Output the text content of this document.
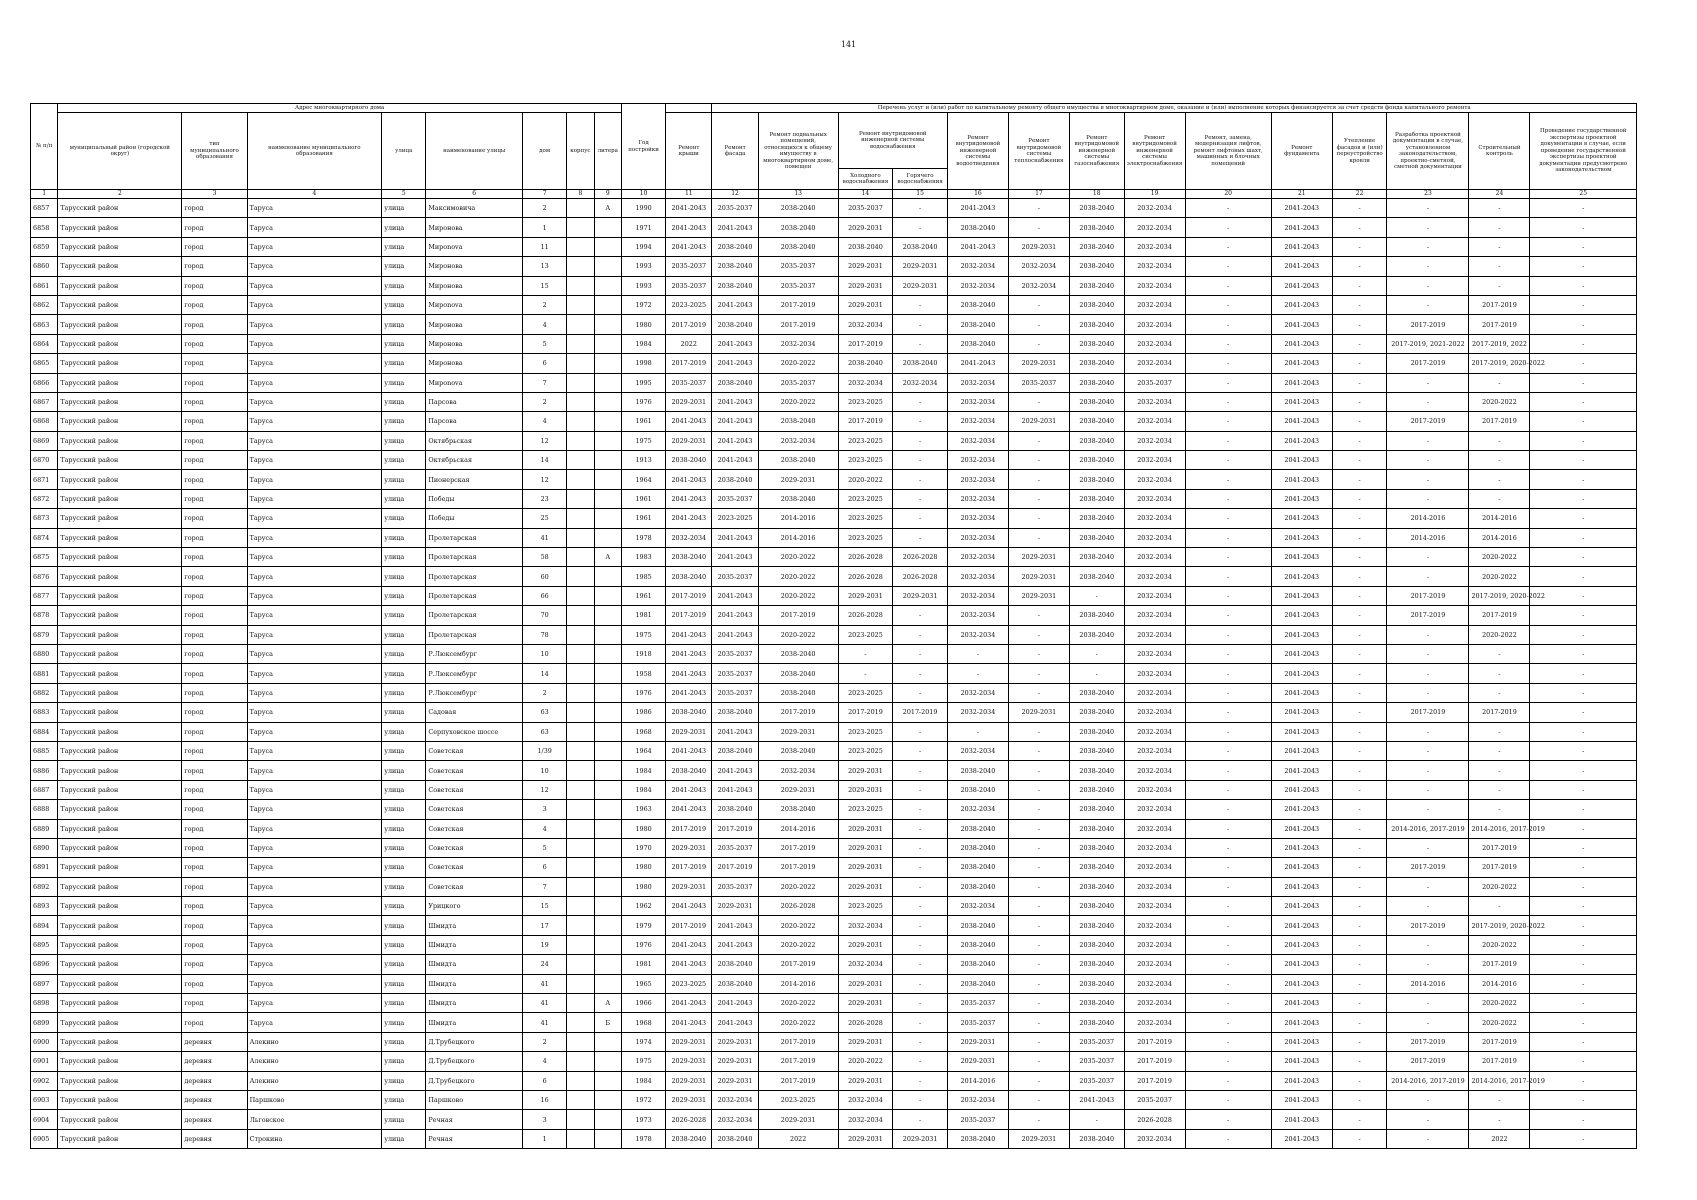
141
№ п/п	Адрес многоквартирного дома								Год постройки		Перечень услуг и (или) работ по капитальному ремонту общего имущества в многоквартирном доме, оказание и (или) выполнение которых финансируется за счет средств фонда капитального ремонта													
	муниципальный район (городской округ)	тип муниципального образования	наименование муниципального образования	улица	наименование улицы	дом	корпус	литера		Ремонт крыши	Ремонт фасада	Ремонт подвальных помещений, относящихся к общему имуществу в многоквартирном доме, помещен	Ремонт внутридомовой инженерной системы водоснабжения		Ремонт внутридомовой инженерной системы водоотведения	Ремонт внутридомовой системы теплоснабжения	Ремонт внутридомовой инженерной системы газоснабжения	Ремонт внутридомовой инженерной системы электроснабжения	Ремонт, замена, модернизация лифтов, ремонт лифтовых шахт, машинных и блочных помещений	Ремонт фундамента	Утепление фасадов и (или) переустройство кровли	Разработка проектной документации в случае, установленном законодательством, проектно-сметной, сметной документации	Строительный контроль	Проведение государственной экспертизы проектной документации в случае, если проведение государственной экспертизы проектной документации предусмотрено законодательством
													Холодного водоснабжения	Горячего водоснабжения										
1	2	3	4	5	6	7	8	9	10	11	12	13	14	15	16	17	18	19	20	21	22	23	24	25
6857	Тарусский район	город	Таруса	улица	Максимовича	2		А	1990	2041-2043	2035-2037	2038-2040	2035-2037	-	2041-2043	-	2038-2040	2032-2034	-	2041-2043	-	-	-	-
6858	Тарусский район	город	Таруса	улица	Миронова	1			1971	2041-2043	2041-2043	2038-2040	2029-2031	-	2038-2040	-	2038-2040	2032-2034	-	2041-2043	-	-	-	-
6859	Тарусский район	город	Таруса	улица	Мирonova	11			1994	2041-2043	2038-2040	2038-2040	2038-2040	2038-2040	2041-2043	2029-2031	2038-2040	2032-2034	-	2041-2043	-	-	-	-
6860	Тарусский район	город	Таруса	улица	Миронова	13			1993	2035-2037	2038-2040	2035-2037	2029-2031	2029-2031	2032-2034	2032-2034	2038-2040	2032-2034	-	2041-2043	-	-	-	-
6861	Тарусский район	город	Таруса	улица	Миронова	15			1993	2035-2037	2038-2040	2035-2037	2029-2031	2029-2031	2032-2034	2032-2034	2038-2040	2032-2034	-	2041-2043	-	-	-	-
6862	Тарусский район	город	Таруса	улица	Мирonova	2			1972	2023-2025	2041-2043	2017-2019	2029-2031	-	2038-2040	-	2038-2040	2032-2034	-	2041-2043	-	-	2017-2019	-
6863	Тарусский район	город	Таруса	улица	Миронова	4			1980	2017-2019	2038-2040	2017-2019	2032-2034	-	2038-2040	-	2038-2040	2032-2034	-	2041-2043	-	2017-2019	2017-2019	-
6864	Тарусский район	город	Таруса	улица	Миронова	5			1984	2022	2041-2043	2032-2034	2017-2019	-	2038-2040	-	2038-2040	2032-2034	-	2041-2043	-	2017-2019, 2021-2022	2017-2019, 2022	-
6865	Тарусский район	город	Таруса	улица	Миронова	6			1998	2017-2019	2041-2043	2020-2022	2038-2040	2038-2040	2041-2043	2029-2031	2038-2040	2032-2034	-	2041-2043	-	2017-2019	2017-2019, 2020-2022	-
6866	Тарусский район	город	Таруса	улица	Мирonova	7			1995	2035-2037	2038-2040	2035-2037	2032-2034	2032-2034	2032-2034	2035-2037	2038-2040	2035-2037	-	2041-2043	-	-	-	-
6867	Тарусский район	город	Таруса	улица	Парсова	2			1976	2029-2031	2041-2043	2020-2022	2023-2025	-	2032-2034	-	2038-2040	2032-2034	-	2041-2043	-	-	2020-2022	-
6868	Тарусский район	город	Таруса	улица	Парсова	4			1961	2041-2043	2041-2043	2038-2040	2017-2019	-	2032-2034	2029-2031	2038-2040	2032-2034	-	2041-2043	-	2017-2019	2017-2019	-
6869	Тарусский район	город	Таруса	улица	Октябрьская	12			1975	2029-2031	2041-2043	2032-2034	2023-2025	-	2032-2034	-	2038-2040	2032-2034	-	2041-2043	-	-	-	-
6870	Тарусский район	город	Таруса	улица	Октябрьская	14			1913	2038-2040	2041-2043	2038-2040	2023-2025	-	2032-2034	-	2038-2040	2032-2034	-	2041-2043	-	-	-	-
6871	Тарусский район	город	Таруса	улица	Пионерская	12			1964	2041-2043	2038-2040	2029-2031	2020-2022	-	2032-2034	-	2038-2040	2032-2034	-	2041-2043	-	-	-	-
6872	Тарусский район	город	Таруса	улица	Победы	23			1961	2041-2043	2035-2037	2038-2040	2023-2025	-	2032-2034	-	2038-2040	2032-2034	-	2041-2043	-	-	-	-
6873	Тарусский район	город	Таруса	улица	Победы	25			1961	2041-2043	2023-2025	2014-2016	2023-2025	-	2032-2034	-	2038-2040	2032-2034	-	2041-2043	-	2014-2016	2014-2016	-
6874	Тарусский район	город	Таруса	улица	Пролетарская	41			1978	2032-2034	2041-2043	2014-2016	2023-2025	-	2032-2034	-	2038-2040	2032-2034	-	2041-2043	-	2014-2016	2014-2016	-
6875	Тарусский район	город	Таруса	улица	Пролетарская	58		А	1983	2038-2040	2041-2043	2020-2022	2026-2028	2026-2028	2032-2034	2029-2031	2038-2040	2032-2034	-	2041-2043	-	-	2020-2022	-
6876	Тарусский район	город	Таруса	улица	Пролетарская	60			1985	2038-2040	2035-2037	2020-2022	2026-2028	2026-2028	2032-2034	2029-2031	2038-2040	2032-2034	-	2041-2043	-	-	2020-2022	-
6877	Тарусский район	город	Таруса	улица	Пролетарская	66			1961	2017-2019	2041-2043	2020-2022	2029-2031	2029-2031	2032-2034	2029-2031	-	2032-2034	-	2041-2043	-	2017-2019	2017-2019, 2020-2022	-
6878	Тарусский район	город	Таруса	улица	Пролетарская	70			1981	2017-2019	2041-2043	2017-2019	2026-2028	-	2032-2034	-	2038-2040	2032-2034	-	2041-2043	-	2017-2019	2017-2019	-
6879	Тарусский район	город	Таруса	улица	Пролетарская	78			1975	2041-2043	2041-2043	2020-2022	2023-2025	-	2032-2034	-	2038-2040	2032-2034	-	2041-2043	-	-	2020-2022	-
6880	Тарусский район	город	Таруса	улица	Р.Люксембург	10			1918	2041-2043	2035-2037	2038-2040	-	-	-	-	-	2032-2034	-	2041-2043	-	-	-	-
6881	Тарусский район	город	Таруса	улица	Р.Люксембург	14			1958	2041-2043	2035-2037	2038-2040	-	-	-	-	-	2032-2034	-	2041-2043	-	-	-	-
6882	Тарусский район	город	Таруса	улица	Р.Люксембург	2			1976	2041-2043	2035-2037	2038-2040	2023-2025	-	2032-2034	-	2038-2040	2032-2034	-	2041-2043	-	-	-	-
6883	Тарусский район	город	Таруса	улица	Садовая	63			1986	2038-2040	2038-2040	2017-2019	2017-2019	2017-2019	2032-2034	2029-2031	2038-2040	2032-2034	-	2041-2043	-	2017-2019	2017-2019	-
6884	Тарусский район	город	Таруса	улица	Серпуховское шоссе	63			1968	2029-2031	2041-2043	2029-2031	2023-2025	-	-	-	2038-2040	2032-2034	-	2041-2043	-	-	-	-
6885	Тарусский район	город	Таруса	улица	Советская	1/39			1964	2041-2043	2038-2040	2038-2040	2023-2025	-	2032-2034	-	2038-2040	2032-2034	-	2041-2043	-	-	-	-
6886	Тарусский район	город	Таруса	улица	Советская	10			1984	2038-2040	2041-2043	2032-2034	2029-2031	-	2038-2040	-	2038-2040	2032-2034	-	2041-2043	-	-	-	-
6887	Тарусский район	город	Таруса	улица	Советская	12			1984	2041-2043	2041-2043	2029-2031	2029-2031	-	2038-2040	-	2038-2040	2032-2034	-	2041-2043	-	-	-	-
6888	Тарусский район	город	Таруса	улица	Советская	3			1963	2041-2043	2038-2040	2038-2040	2023-2025	-	2032-2034	-	2038-2040	2032-2034	-	2041-2043	-	-	-	-
6889	Тарусский район	город	Таруса	улица	Советская	4			1980	2017-2019	2017-2019	2014-2016	2029-2031	-	2038-2040	-	2038-2040	2032-2034	-	2041-2043	-	2014-2016, 2017-2019	2014-2016, 2017-2019	-
6890	Тарусский район	город	Таруса	улица	Советская	5			1970	2029-2031	2035-2037	2017-2019	2029-2031	-	2038-2040	-	2038-2040	2032-2034	-	2041-2043	-	-	2017-2019	-
6891	Тарусский район	город	Таруса	улица	Советская	6			1980	2017-2019	2017-2019	2017-2019	2029-2031	-	2038-2040	-	2038-2040	2032-2034	-	2041-2043	-	2017-2019	2017-2019	-
6892	Тарусский район	город	Таруса	улица	Советская	7			1980	2029-2031	2035-2037	2020-2022	2029-2031	-	2038-2040	-	2038-2040	2032-2034	-	2041-2043	-	-	2020-2022	-
6893	Тарусский район	город	Таруса	улица	Урицкого	15			1962	2041-2043	2029-2031	2026-2028	2023-2025	-	2032-2034	-	2038-2040	2032-2034	-	2041-2043	-	-	-	-
6894	Тарусский район	город	Таруса	улица	Шмидта	17			1979	2017-2019	2041-2043	2020-2022	2032-2034	-	2038-2040	-	2038-2040	2032-2034	-	2041-2043	-	2017-2019	2017-2019, 2020-2022	-
6895	Тарусский район	город	Таруса	улица	Шмидта	19			1976	2041-2043	2041-2043	2020-2022	2029-2031	-	2038-2040	-	2038-2040	2032-2034	-	2041-2043	-	-	2020-2022	-
6896	Тарусский район	город	Таруса	улица	Шмидта	24			1981	2041-2043	2038-2040	2017-2019	2032-2034	-	2038-2040	-	2038-2040	2032-2034	-	2041-2043	-	-	2017-2019	-
6897	Тарусский район	город	Таруса	улица	Шмидта	41			1965	2023-2025	2038-2040	2014-2016	2029-2031	-	2038-2040	-	2038-2040	2032-2034	-	2041-2043	-	2014-2016	2014-2016	-
6898	Тарусский район	город	Таруса	улица	Шмидта	41		А	1966	2041-2043	2041-2043	2020-2022	2029-2031	-	2035-2037	-	2038-2040	2032-2034	-	2041-2043	-	-	2020-2022	-
6899	Тарусский район	город	Таруса	улица	Шмидта	41		Б	1968	2041-2043	2041-2043	2020-2022	2026-2028	-	2035-2037	-	2038-2040	2032-2034	-	2041-2043	-	-	2020-2022	-
6900	Тарусский район	деревня	Алекино	улица	Д.Трубецкого	2			1974	2029-2031	2029-2031	2017-2019	2029-2031	-	2029-2031	-	2035-2037	2017-2019	-	2041-2043	-	2017-2019	2017-2019	-
6901	Тарусский район	деревня	Алекино	улица	Д.Трубецкого	4			1975	2029-2031	2029-2031	2017-2019	2020-2022	-	2029-2031	-	2035-2037	2017-2019	-	2041-2043	-	2017-2019	2017-2019	-
6902	Тарусский район	деревня	Алекино	улица	Д.Трубецкого	6			1984	2029-2031	2029-2031	2017-2019	2029-2031	-	2014-2016	-	2035-2037	2017-2019	-	2041-2043	-	2014-2016, 2017-2019	2014-2016, 2017-2019	-
6903	Тарусский район	деревня	Паршково	улица	Паршково	16			1972	2029-2031	2032-2034	2023-2025	2032-2034	-	2032-2034	-	2041-2043	2035-2037	-	2041-2043	-	-	-	-
6904	Тарусский район	деревня	Льговское	улица	Речная	3			1973	2026-2028	2032-2034	2029-2031	2032-2034	-	2035-2037	-	-	2026-2028	-	2041-2043	-	-	-	-
6905	Тарусский район	деревня	Строкина	улица	Речная	1			1978	2038-2040	2038-2040	2022	2029-2031	2029-2031	2038-2040	2029-2031	2038-2040	2032-2034	-	2041-2043	-	-	2022	-
